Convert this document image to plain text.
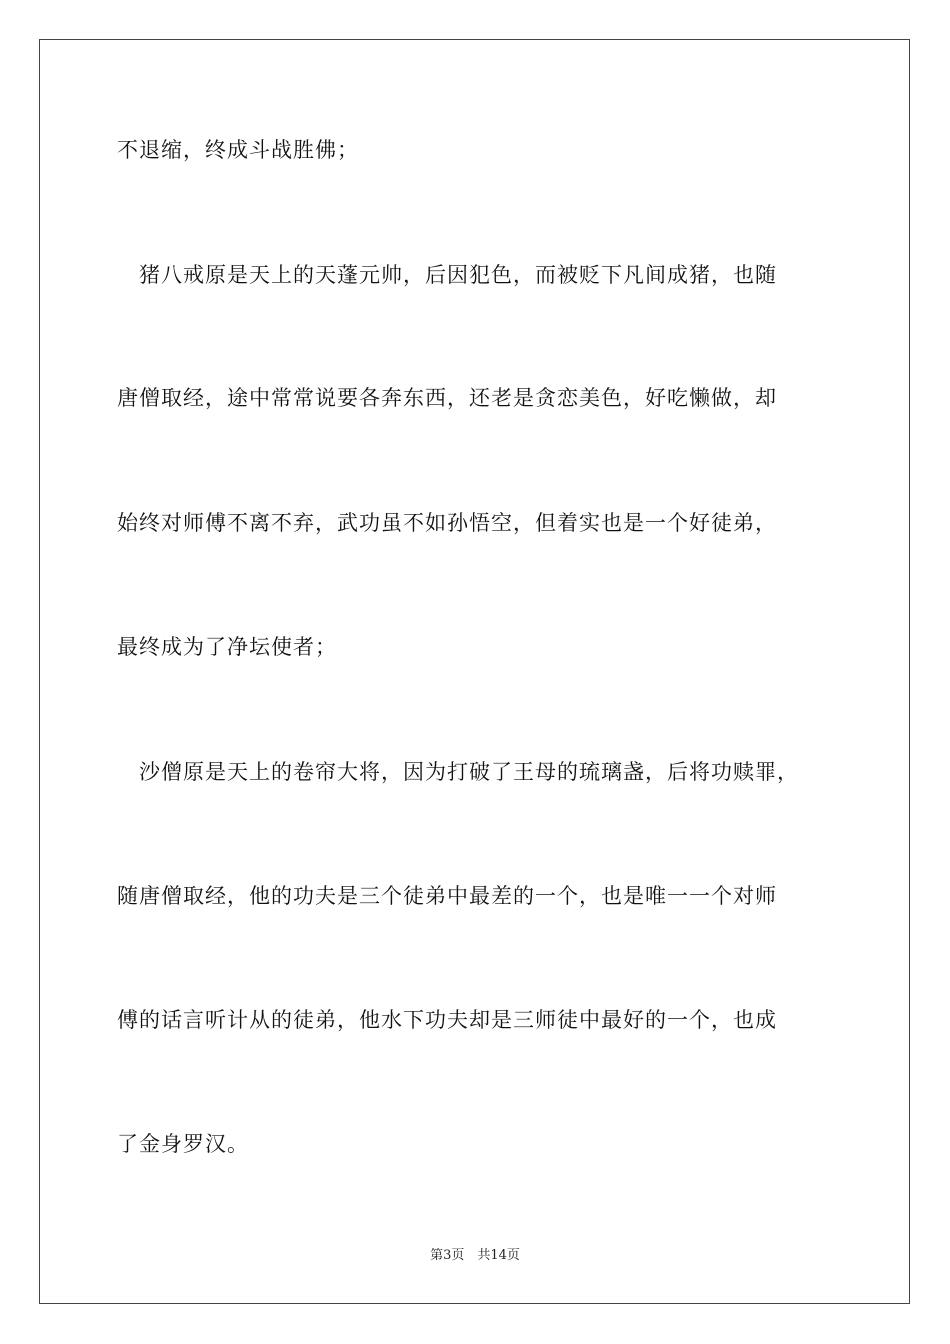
不退缩，终成斗战胜佛；
　猪八戒原是天上的天蓬元帅，后因犯色，而被贬下凡间成猪，也随
唐僧取经，途中常常说要各奔东西，还老是贪恋美色，好吃懒做，却
始终对师傅不离不弃，武功虽不如孙悟空，但着实也是一个好徒弟，
最终成为了净坛使者；
　沙僧原是天上的卷帘大将，因为打破了王母的琉璃盏，后将功赎罪，
随唐僧取经，他的功夫是三个徒弟中最差的一个，也是唯一一个对师
傅的话言听计从的徒弟，他水下功夫却是三师徒中最好的一个，也成
了金身罗汉。
第3页　共14页
